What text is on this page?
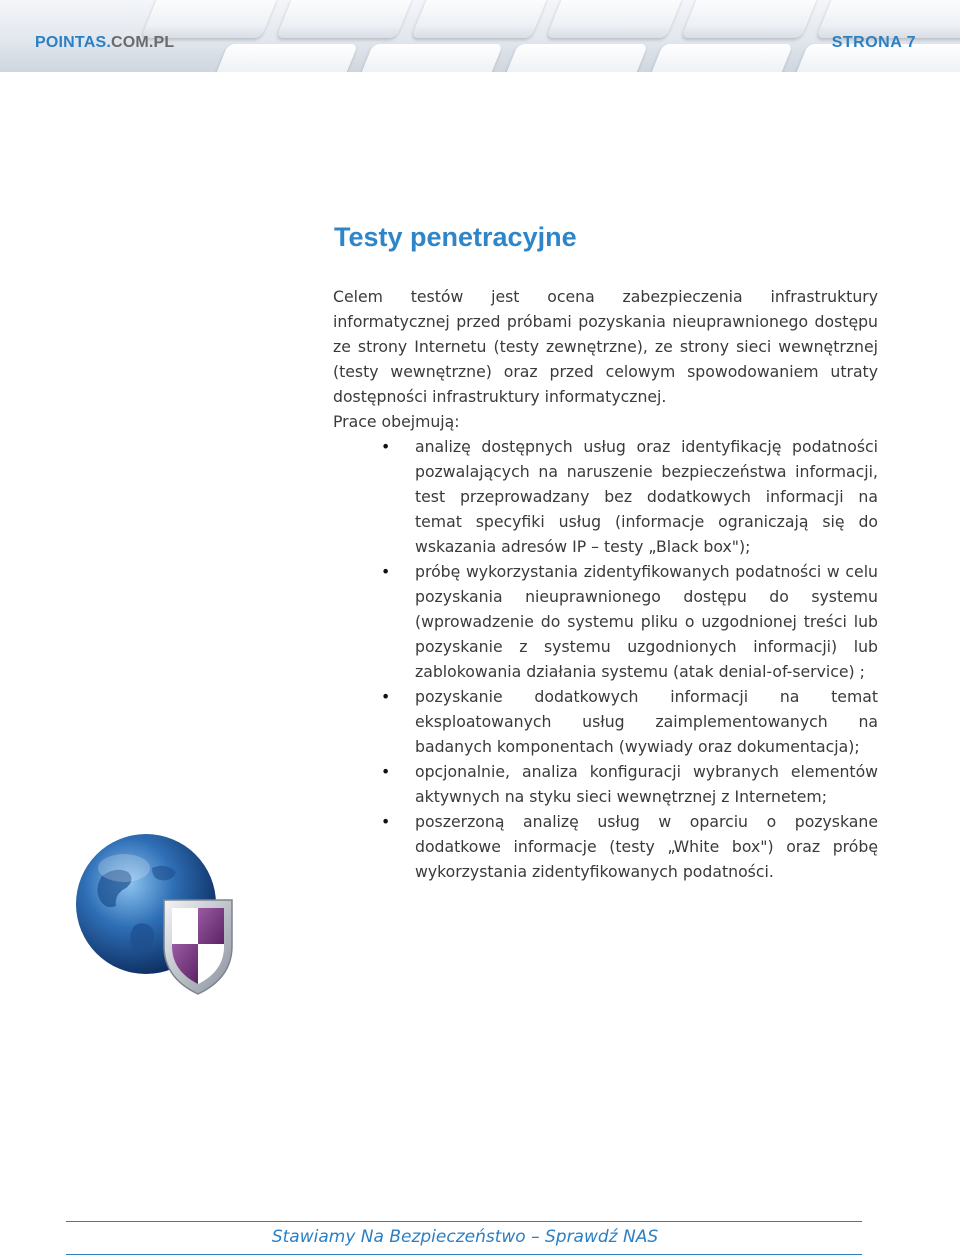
POINTAS.COM.PL	STRONA 7
Testy penetracyjne

Celem testów jest ocena zabezpieczenia infrastruktury informatycznej przed próbami pozyskania nieuprawnionego dostępu ze strony Internetu (testy zewnętrzne), ze strony sieci wewnętrznej (testy wewnętrzne) oraz przed celowym spowodowaniem utraty dostępności infrastruktury informatycznej.

Prace obejmują:

• analizę dostępnych usług oraz identyfikację podatności pozwalających na naruszenie bezpieczeństwa informacji, test przeprowadzany bez dodatkowych informacji na temat specyfiki usług (informacje ograniczają się do wskazania adresów IP – testy „Black box");
• próbę wykorzystania zidentyfikowanych podatności w celu pozyskania nieuprawnionego dostępu do systemu (wprowadzenie do systemu pliku o uzgodnionej treści lub pozyskanie z systemu uzgodnionych informacji) lub zablokowania działania systemu (atak denial-of-service) ;
• pozyskanie dodatkowych informacji na temat eksploatowanych usług zaimplementowanych na badanych komponentach (wywiady oraz dokumentacja);
• opcjonalnie, analiza konfiguracji wybranych elementów aktywnych na styku sieci wewnętrznej z Internetem;
• poszerzoną analizę usług w oparciu o pozyskane dodatkowe informacje (testy „White box") oraz próbę wykorzystania zidentyfikowanych podatności.
Stawiamy Na Bezpieczeństwo – Sprawdź NAS
